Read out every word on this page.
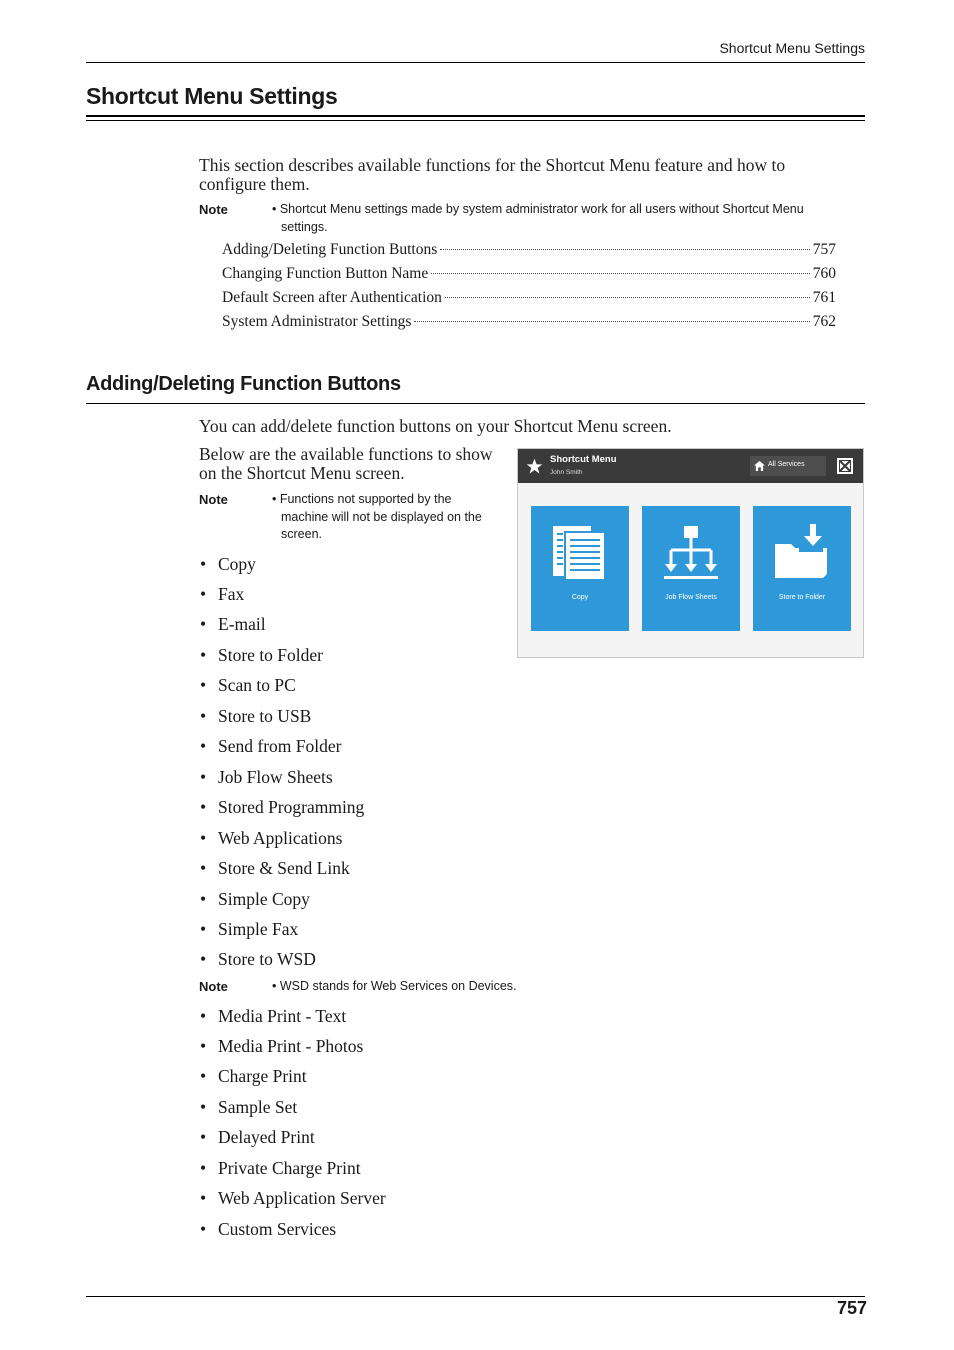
Shortcut Menu Settings
Shortcut Menu Settings
This section describes available functions for the Shortcut Menu feature and how to
configure them.
Note	• Shortcut Menu settings made by system administrator work for all users without Shortcut Menu
settings.
Adding/Deleting Function Buttons	757
Changing Function Button Name	760
Default Screen after Authentication	761
System Administrator Settings	762
Adding/Deleting Function Buttons
You can add/delete function buttons on your Shortcut Menu screen.
Below are the available functions to show
on the Shortcut Menu screen.
Note	• Functions not supported by the
machine will not be displayed on the
screen.
• Copy
• Fax
• E-mail
• Store to Folder
• Scan to PC
• Store to USB
• Send from Folder
• Job Flow Sheets
• Stored Programming
• Web Applications
• Store & Send Link
• Simple Copy
• Simple Fax
• Store to WSD
Note	• WSD stands for Web Services on Devices.
• Media Print - Text
• Media Print - Photos
• Charge Print
• Sample Set
• Delayed Print
• Private Charge Print
• Web Application Server
• Custom Services
Shortcut Menu
John Smith
All Services
Copy	Job Flow Sheets	Store to Folder
757
